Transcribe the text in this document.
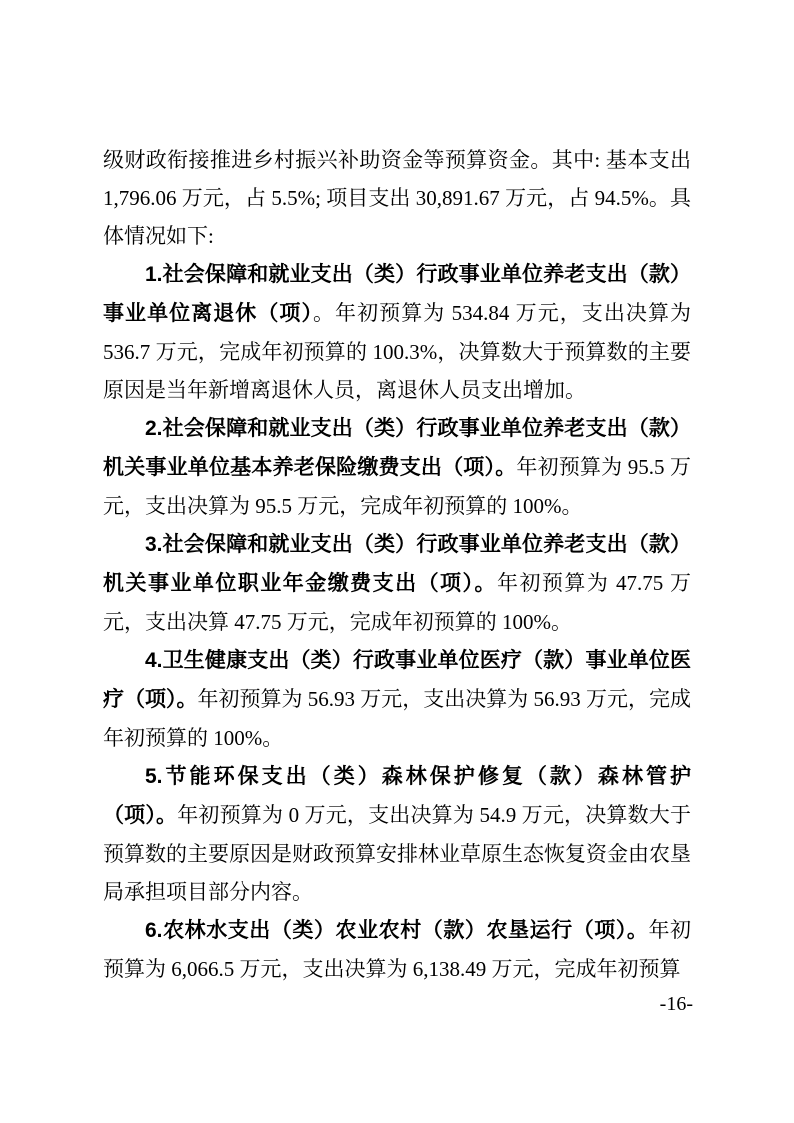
级财政衔接推进乡村振兴补助资金等预算资金。其中: 基本支出 1,796.06 万元，占 5.5%; 项目支出 30,891.67 万元，占 94.5%。具体情况如下:

1.社会保障和就业支出（类）行政事业单位养老支出（款）事业单位离退休（项）。年初预算为 534.84 万元，支出决算为 536.7 万元，完成年初预算的 100.3%，决算数大于预算数的主要原因是当年新增离退休人员，离退休人员支出增加。

2.社会保障和就业支出（类）行政事业单位养老支出（款）机关事业单位基本养老保险缴费支出（项）。年初预算为 95.5 万元，支出决算为 95.5 万元，完成年初预算的 100%。

3.社会保障和就业支出（类）行政事业单位养老支出（款）机关事业单位职业年金缴费支出（项）。年初预算为 47.75 万元，支出决算 47.75 万元，完成年初预算的 100%。

4.卫生健康支出（类）行政事业单位医疗（款）事业单位医疗（项）。年初预算为 56.93 万元，支出决算为 56.93 万元，完成年初预算的 100%。

5.节能环保支出（类）森林保护修复（款）森林管护（项）。年初预算为 0 万元，支出决算为 54.9 万元，决算数大于预算数的主要原因是财政预算安排林业草原生态恢复资金由农垦局承担项目部分内容。

6.农林水支出（类）农业农村（款）农垦运行（项）。年初预算为 6,066.5 万元，支出决算为 6,138.49 万元，完成年初预算

-16-
